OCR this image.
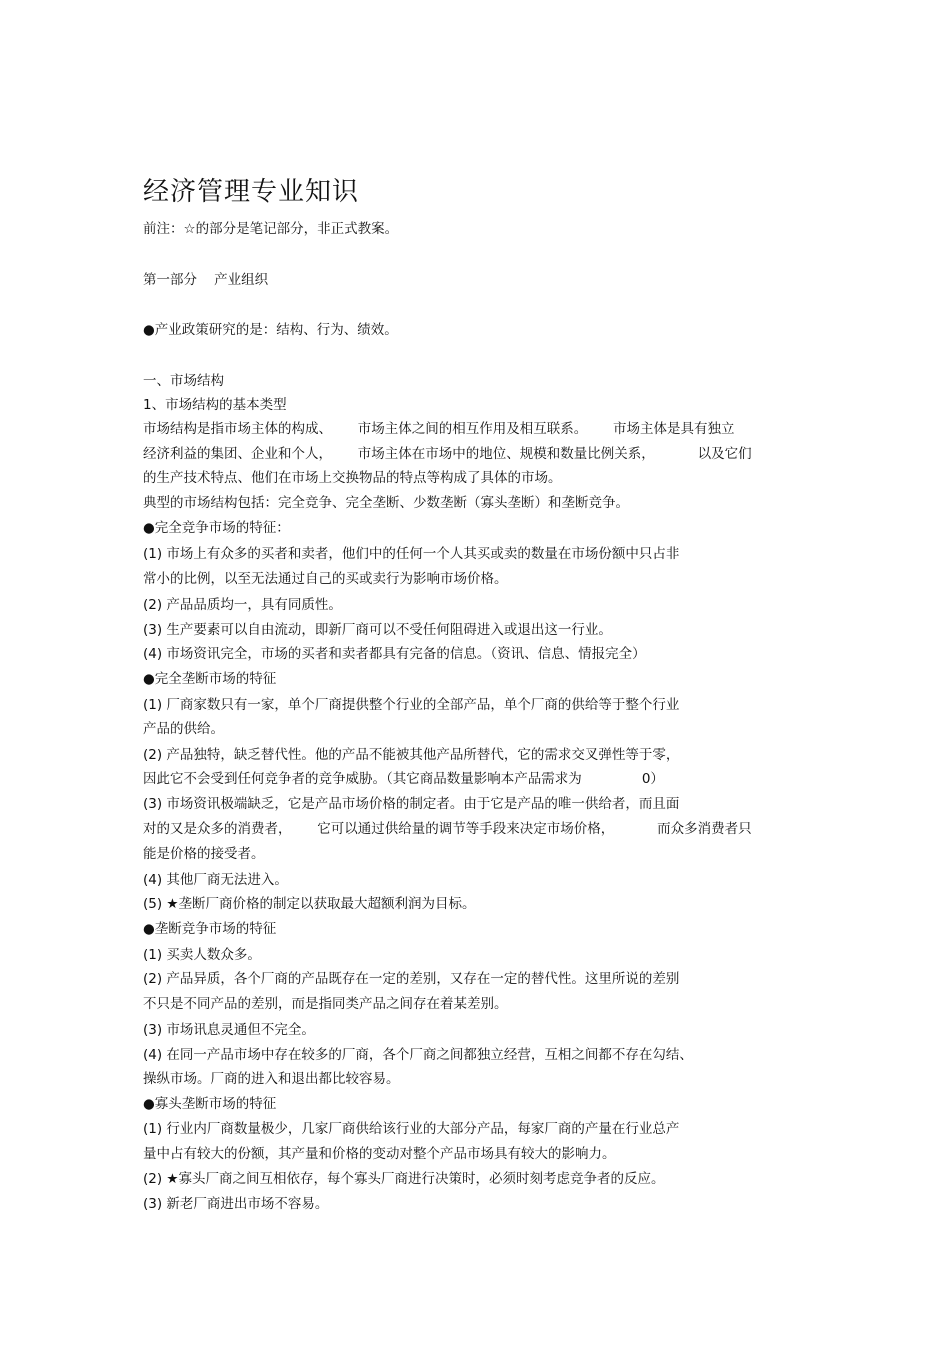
经济管理专业知识
前注：☆的部分是笔记部分，非正式教案。
第一部分    产业组织
●产业政策研究的是：结构、行为、绩效。
一、市场结构
1、市场结构的基本类型
市场结构是指市场主体的构成、      市场主体之间的相互作用及相互联系。      市场主体是具有独立
经济利益的集团、企业和个人，      市场主体在市场中的地位、规模和数量比例关系，          以及它们
的生产技术特点、他们在市场上交换物品的特点等构成了具体的市场。
典型的市场结构包括：完全竞争、完全垄断、少数垄断（寡头垄断）和垄断竞争。
●完全竞争市场的特征：
(1) 市场上有众多的买者和卖者，他们中的任何一个人其买或卖的数量在市场份额中只占非
常小的比例，以至无法通过自己的买或卖行为影响市场价格。
(2) 产品品质均一，具有同质性。
(3) 生产要素可以自由流动，即新厂商可以不受任何阻碍进入或退出这一行业。
(4) 市场资讯完全，市场的买者和卖者都具有完备的信息。（资讯、信息、情报完全）
●完全垄断市场的特征
(1) 厂商家数只有一家，单个厂商提供整个行业的全部产品，单个厂商的供给等于整个行业
产品的供给。
(2) 产品独特，缺乏替代性。他的产品不能被其他产品所替代，它的需求交叉弹性等于零，
因此它不会受到任何竞争者的竞争威胁。（其它商品数量影响本产品需求为              0）
(3) 市场资讯极端缺乏，它是产品市场价格的制定者。由于它是产品的唯一供给者，而且面
对的又是众多的消费者，      它可以通过供给量的调节等手段来决定市场价格，          而众多消费者只
能是价格的接受者。
(4) 其他厂商无法进入。
(5) ★垄断厂商价格的制定以获取最大超额利润为目标。
●垄断竞争市场的特征
(1) 买卖人数众多。
(2) 产品异质，各个厂商的产品既存在一定的差别，又存在一定的替代性。这里所说的差别
不只是不同产品的差别，而是指同类产品之间存在着某差别。
(3) 市场讯息灵通但不完全。
(4) 在同一产品市场中存在较多的厂商，各个厂商之间都独立经营，互相之间都不存在勾结、
操纵市场。厂商的进入和退出都比较容易。
●寡头垄断市场的特征
(1) 行业内厂商数量极少，几家厂商供给该行业的大部分产品，每家厂商的产量在行业总产
量中占有较大的份额，其产量和价格的变动对整个产品市场具有较大的影响力。
(2) ★寡头厂商之间互相依存，每个寡头厂商进行决策时，必须时刻考虑竞争者的反应。
(3) 新老厂商进出市场不容易。
